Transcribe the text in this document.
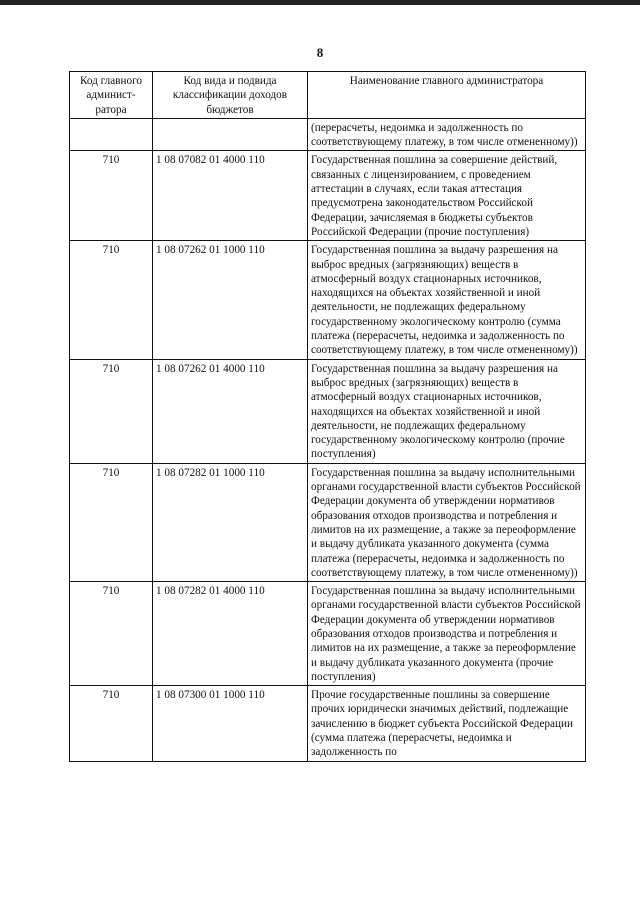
8
Код главного админист-ратора	Код вида и подвида классификации доходов бюджетов	Наименование главного администратора
		(перерасчеты, недоимка и задолженность по соответствующему платежу, в том числе отмененному))
710	1 08 07082 01 4000 110	Государственная пошлина за совершение действий, связанных с лицензированием, с проведением аттестации в случаях, если такая аттестация предусмотрена законодательством Российской Федерации, зачисляемая в бюджеты субъектов Российской Федерации (прочие поступления)
710	1 08 07262 01 1000 110	Государственная пошлина за выдачу разрешения на выброс вредных (загрязняющих) веществ в атмосферный воздух стационарных источников, находящихся на объектах хозяйственной и иной деятельности, не подлежащих федеральному государственному экологическому контролю (сумма платежа (перерасчеты, недоимка и задолженность по соответствующему платежу, в том числе отмененному))
710	1 08 07262 01 4000 110	Государственная пошлина за выдачу разрешения на выброс вредных (загрязняющих) веществ в атмосферный воздух стационарных источников, находящихся на объектах хозяйственной и иной деятельности, не подлежащих федеральному государственному экологическому контролю (прочие поступления)
710	1 08 07282 01 1000 110	Государственная пошлина за выдачу исполнительными органами государственной власти субъектов Российской Федерации документа об утверждении нормативов образования отходов производства и потребления и лимитов на их размещение, а также за переоформление и выдачу дубликата указанного документа (сумма платежа (перерасчеты, недоимка и задолженность по соответствующему платежу, в том числе отмененному))
710	1 08 07282 01 4000 110	Государственная пошлина за выдачу исполнительными органами государственной власти субъектов Российской Федерации документа об утверждении нормативов образования отходов производства и потребления и лимитов на их размещение, а также за переоформление и выдачу дубликата указанного документа (прочие поступления)
710	1 08 07300 01 1000 110	Прочие государственные пошлины за совершение прочих юридически значимых действий, подлежащие зачислению в бюджет субъекта Российской Федерации (сумма платежа (перерасчеты, недоимка и задолженность по
